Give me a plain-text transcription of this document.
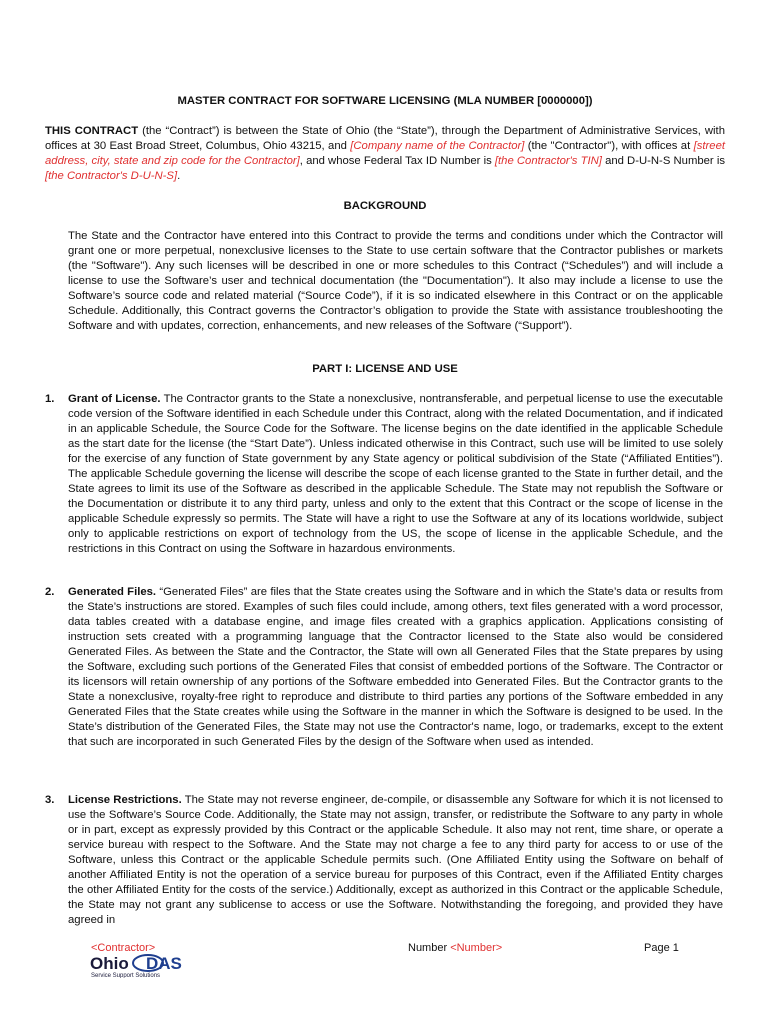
MASTER CONTRACT FOR SOFTWARE LICENSING (MLA NUMBER [0000000])
THIS CONTRACT (the “Contract”) is between the State of Ohio (the “State”), through the Department of Administrative Services, with offices at 30 East Broad Street, Columbus, Ohio 43215, and [Company name of the Contractor] (the "Contractor"), with offices at [street address, city, state and zip code for the Contractor], and whose Federal Tax ID Number is [the Contractor's TIN] and D-U-N-S Number is [the Contractor's D-U-N-S].
BACKGROUND
The State and the Contractor have entered into this Contract to provide the terms and conditions under which the Contractor will grant one or more perpetual, nonexclusive licenses to the State to use certain software that the Contractor publishes or markets (the "Software"). Any such licenses will be described in one or more schedules to this Contract (“Schedules”) and will include a license to use the Software’s user and technical documentation (the "Documentation"). It also may include a license to use the Software’s source code and related material (“Source Code”), if it is so indicated elsewhere in this Contract or on the applicable Schedule. Additionally, this Contract governs the Contractor’s obligation to provide the State with assistance troubleshooting the Software and with updates, correction, enhancements, and new releases of the Software (“Support”).
PART I: LICENSE AND USE
1. Grant of License. The Contractor grants to the State a nonexclusive, nontransferable, and perpetual license to use the executable code version of the Software identified in each Schedule under this Contract, along with the related Documentation, and if indicated in an applicable Schedule, the Source Code for the Software. The license begins on the date identified in the applicable Schedule as the start date for the license (the “Start Date”). Unless indicated otherwise in this Contract, such use will be limited to use solely for the exercise of any function of State government by any State agency or political subdivision of the State (“Affiliated Entities”). The applicable Schedule governing the license will describe the scope of each license granted to the State in further detail, and the State agrees to limit its use of the Software as described in the applicable Schedule. The State may not republish the Software or the Documentation or distribute it to any third party, unless and only to the extent that this Contract or the scope of license in the applicable Schedule expressly so permits. The State will have a right to use the Software at any of its locations worldwide, subject only to applicable restrictions on export of technology from the US, the scope of license in the applicable Schedule, and the restrictions in this Contract on using the Software in hazardous environments.
2. Generated Files. “Generated Files” are files that the State creates using the Software and in which the State’s data or results from the State’s instructions are stored. Examples of such files could include, among others, text files generated with a word processor, data tables created with a database engine, and image files created with a graphics application. Applications consisting of instruction sets created with a programming language that the Contractor licensed to the State also would be considered Generated Files. As between the State and the Contractor, the State will own all Generated Files that the State prepares by using the Software, excluding such portions of the Generated Files that consist of embedded portions of the Software. The Contractor or its licensors will retain ownership of any portions of the Software embedded into Generated Files. But the Contractor grants to the State a nonexclusive, royalty-free right to reproduce and distribute to third parties any portions of the Software embedded in any Generated Files that the State creates while using the Software in the manner in which the Software is designed to be used. In the State’s distribution of the Generated Files, the State may not use the Contractor's name, logo, or trademarks, except to the extent that such are incorporated in such Generated Files by the design of the Software when used as intended.
3. License Restrictions. The State may not reverse engineer, de-compile, or disassemble any Software for which it is not licensed to use the Software’s Source Code. Additionally, the State may not assign, transfer, or redistribute the Software to any party in whole or in part, except as expressly provided by this Contract or the applicable Schedule. It also may not rent, time share, or operate a service bureau with respect to the Software. And the State may not charge a fee to any third party for access to or use of the Software, unless this Contract or the applicable Schedule permits such. (One Affiliated Entity using the Software on behalf of another Affiliated Entity is not the operation of a service bureau for purposes of this Contract, even if the Affiliated Entity charges the other Affiliated Entity for the costs of the service.) Additionally, except as authorized in this Contract or the applicable Schedule, the State may not grant any sublicense to access or use the Software. Notwithstanding the foregoing, and provided they have agreed in
<Contractor>	Number <Number>	Page 1
Ohio DAS
Service Support Solutions
